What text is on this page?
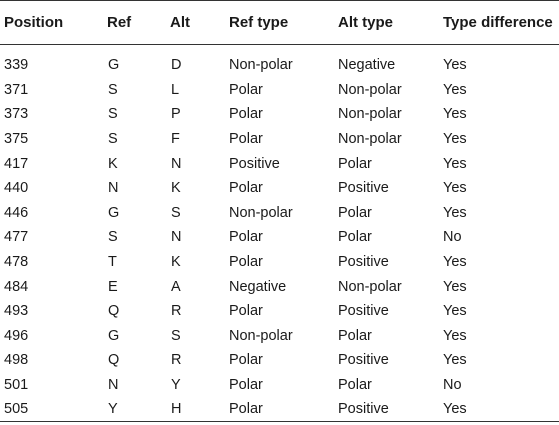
Position	Ref	Alt	Ref type	Alt type	Type difference

339	G	D	Non-polar	Negative	Yes
371	S	L	Polar	Non-polar	Yes
373	S	P	Polar	Non-polar	Yes
375	S	F	Polar	Non-polar	Yes
417	K	N	Positive	Polar	Yes
440	N	K	Polar	Positive	Yes
446	G	S	Non-polar	Polar	Yes
477	S	N	Polar	Polar	No
478	T	K	Polar	Positive	Yes
484	E	A	Negative	Non-polar	Yes
493	Q	R	Polar	Positive	Yes
496	G	S	Non-polar	Polar	Yes
498	Q	R	Polar	Positive	Yes
501	N	Y	Polar	Polar	No
505	Y	H	Polar	Positive	Yes
